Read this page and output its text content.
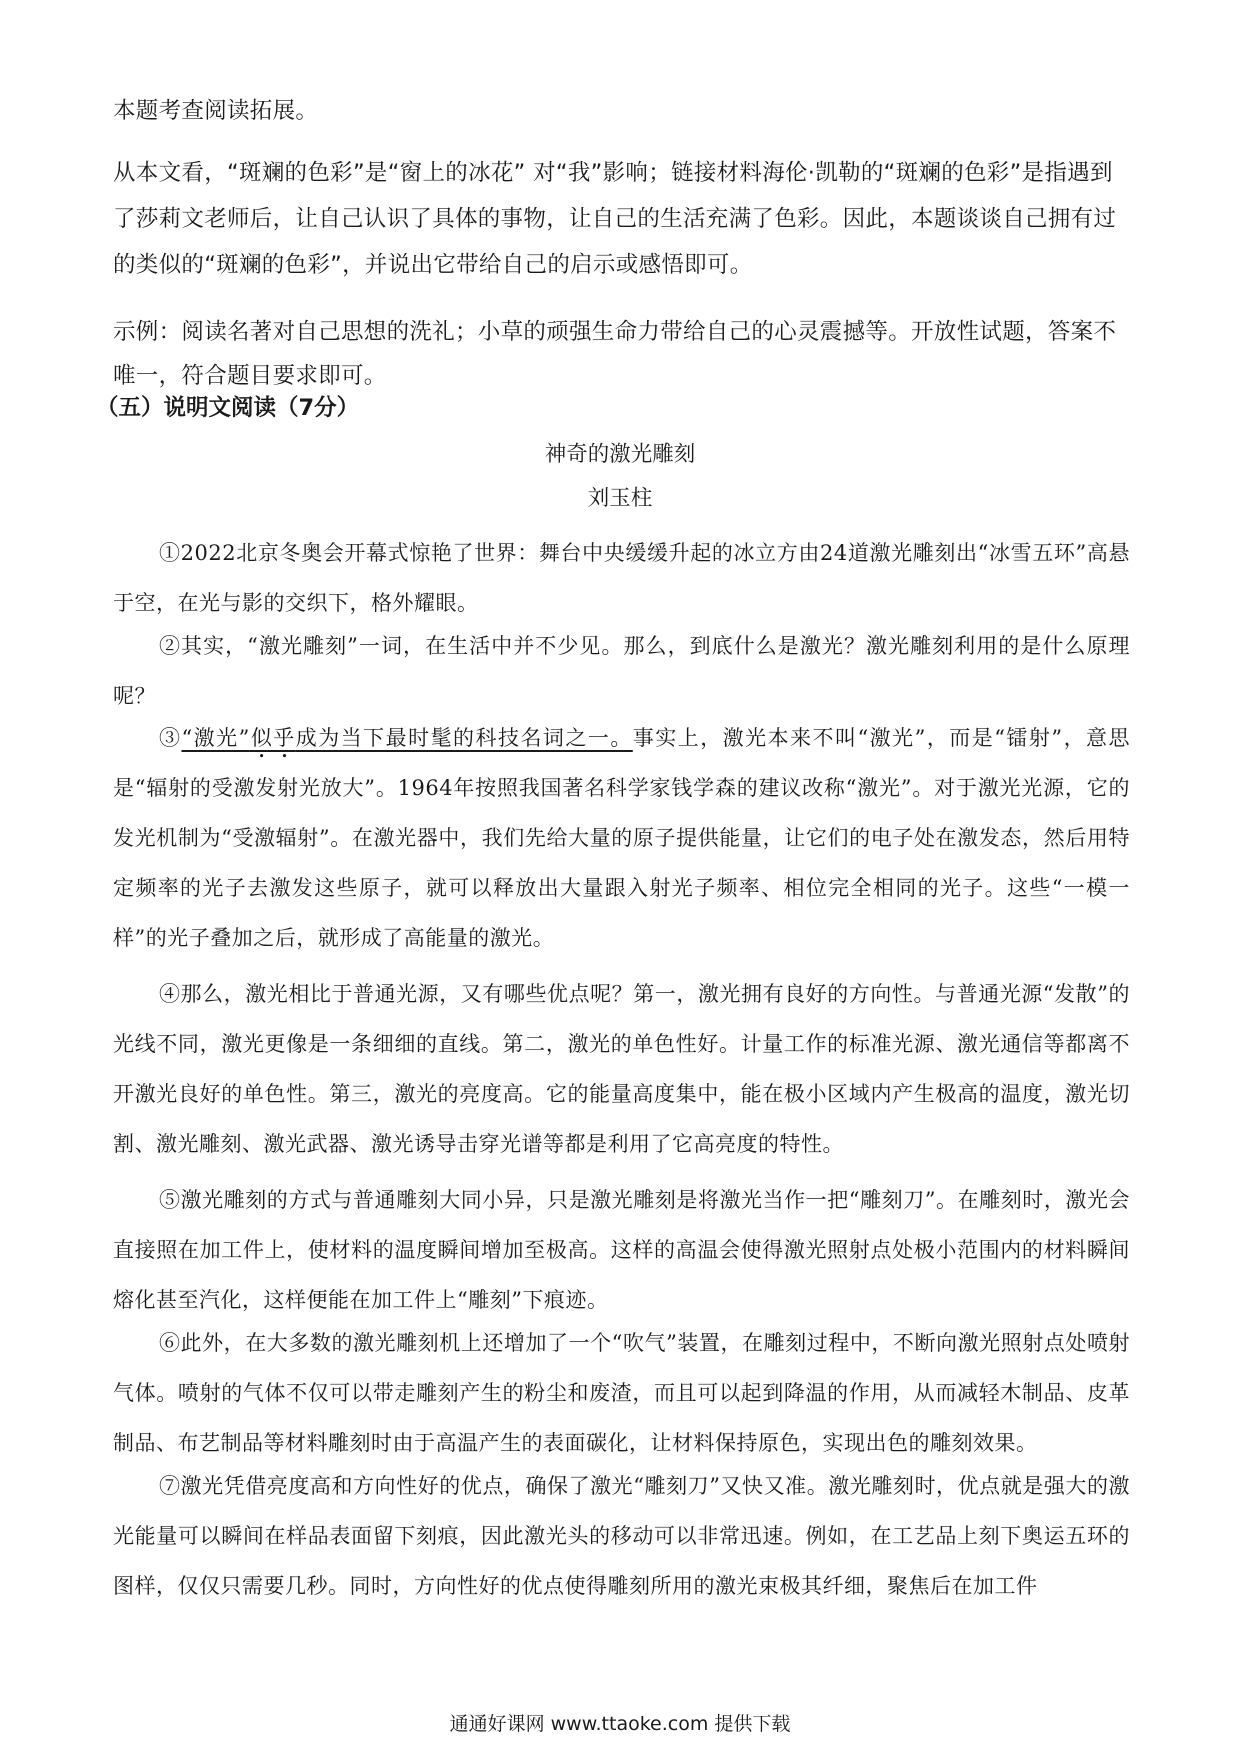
本题考查阅读拓展。

从本文看，“斑斓的色彩”是“窗上的冰花” 对“我”影响；链接材料海伦·凯勒的“斑斓的色彩”是指遇到了莎莉文老师后，让自己认识了具体的事物，让自己的生活充满了色彩。因此，本题谈谈自己拥有过的类似的“斑斓的色彩”，并说出它带给自己的启示或感悟即可。

示例：阅读名著对自己思想的洗礼；小草的顽强生命力带给自己的心灵震撼等。开放性试题，答案不唯一，符合题目要求即可。

（五）说明文阅读（7分）

神奇的激光雕刻

刘玉柱

①2022北京冬奥会开幕式惊艳了世界：舞台中央缓缓升起的冰立方由24道激光雕刻出“冰雪五环”高悬于空，在光与影的交织下，格外耀眼。

②其实，“激光雕刻”一词，在生活中并不少见。那么，到底什么是激光？激光雕刻利用的是什么原理呢？

③“激光”似乎成为当下最时髦的科技名词之一。事实上，激光本来不叫“激光”，而是“镭射”，意思是“辐射的受激发射光放大”。1964年按照我国著名科学家钱学森的建议改称“激光”。对于激光光源，它的发光机制为“受激辐射”。在激光器中，我们先给大量的原子提供能量，让它们的电子处在激发态，然后用特定频率的光子去激发这些原子，就可以释放出大量跟入射光子频率、相位完全相同的光子。这些“一模一样”的光子叠加之后，就形成了高能量的激光。

④那么，激光相比于普通光源，又有哪些优点呢？第一，激光拥有良好的方向性。与普通光源“发散”的光线不同，激光更像是一条细细的直线。第二，激光的单色性好。计量工作的标准光源、激光通信等都离不开激光良好的单色性。第三，激光的亮度高。它的能量高度集中，能在极小区域内产生极高的温度，激光切割、激光雕刻、激光武器、激光诱导击穿光谱等都是利用了它高亮度的特性。

⑤激光雕刻的方式与普通雕刻大同小异，只是激光雕刻是将激光当作一把“雕刻刀”。在雕刻时，激光会直接照在加工件上，使材料的温度瞬间增加至极高。这样的高温会使得激光照射点处极小范围内的材料瞬间熔化甚至汽化，这样便能在加工件上“雕刻”下痕迹。

⑥此外，在大多数的激光雕刻机上还增加了一个“吹气”装置，在雕刻过程中，不断向激光照射点处喷射气体。喷射的气体不仅可以带走雕刻产生的粉尘和废渣，而且可以起到降温的作用，从而减轻木制品、皮革制品、布艺制品等材料雕刻时由于高温产生的表面碳化，让材料保持原色，实现出色的雕刻效果。

⑦激光凭借亮度高和方向性好的优点，确保了激光“雕刻刀”又快又准。激光雕刻时，优点就是强大的激光能量可以瞬间在样品表面留下刻痕，因此激光头的移动可以非常迅速。例如，在工艺品上刻下奥运五环的图样，仅仅只需要几秒。同时，方向性好的优点使得雕刻所用的激光束极其纤细，聚焦后在加工件

通通好课网 www.ttaoke.com 提供下载
